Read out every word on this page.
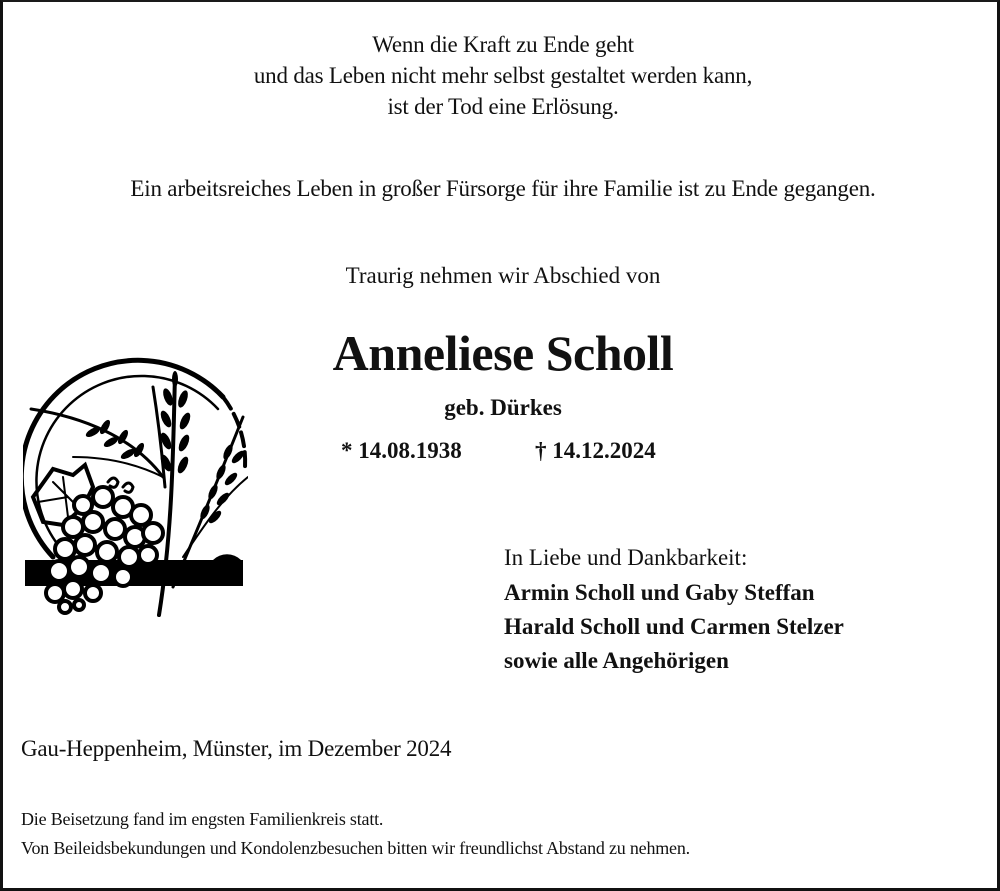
Wenn die Kraft zu Ende geht
und das Leben nicht mehr selbst gestaltet werden kann,
ist der Tod eine Erlösung.
Ein arbeitsreiches Leben in großer Fürsorge für ihre Familie ist zu Ende gegangen.
Traurig nehmen wir Abschied von
Anneliese Scholl
geb. Dürkes
* 14.08.1938	† 14.12.2024
In Liebe und Dankbarkeit:
Armin Scholl und Gaby Steffan
Harald Scholl und Carmen Stelzer
sowie alle Angehörigen
Gau-Heppenheim, Münster, im Dezember 2024
Die Beisetzung fand im engsten Familienkreis statt.
Von Beileidsbekundungen und Kondolenzbesuchen bitten wir freundlichst Abstand zu nehmen.
